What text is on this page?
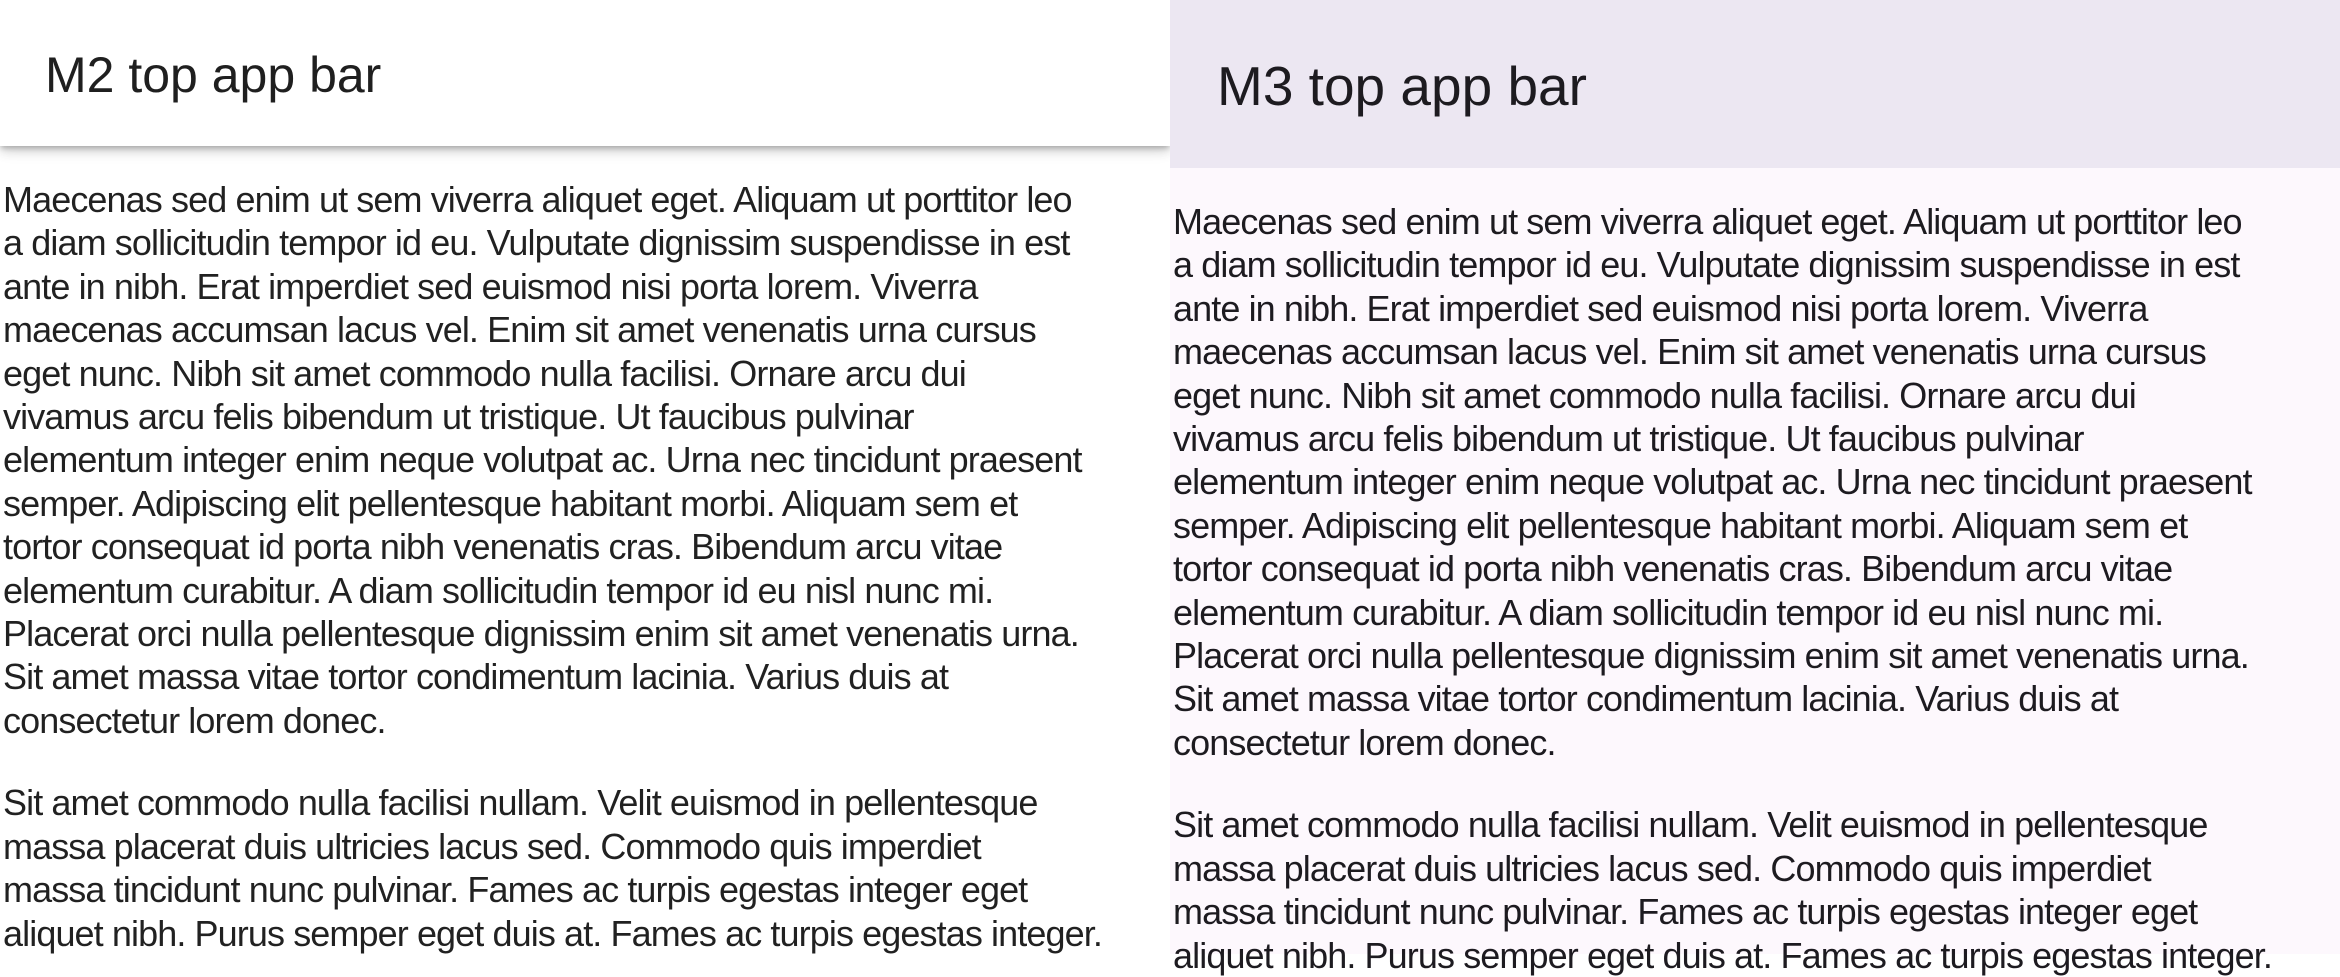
M2 top app bar

Maecenas sed enim ut sem viverra aliquet eget. Aliquam ut porttitor leo
a diam sollicitudin tempor id eu. Vulputate dignissim suspendisse in est
ante in nibh. Erat imperdiet sed euismod nisi porta lorem. Viverra
maecenas accumsan lacus vel. Enim sit amet venenatis urna cursus
eget nunc. Nibh sit amet commodo nulla facilisi. Ornare arcu dui
vivamus arcu felis bibendum ut tristique. Ut faucibus pulvinar
elementum integer enim neque volutpat ac. Urna nec tincidunt praesent
semper. Adipiscing elit pellentesque habitant morbi. Aliquam sem et
tortor consequat id porta nibh venenatis cras. Bibendum arcu vitae
elementum curabitur. A diam sollicitudin tempor id eu nisl nunc mi.
Placerat orci nulla pellentesque dignissim enim sit amet venenatis urna.
Sit amet massa vitae tortor condimentum lacinia. Varius duis at
consectetur lorem donec.

Sit amet commodo nulla facilisi nullam. Velit euismod in pellentesque
massa placerat duis ultricies lacus sed. Commodo quis imperdiet
massa tincidunt nunc pulvinar. Fames ac turpis egestas integer eget
aliquet nibh. Purus semper eget duis at. Fames ac turpis egestas integer.

M3 top app bar

Maecenas sed enim ut sem viverra aliquet eget. Aliquam ut porttitor leo
a diam sollicitudin tempor id eu. Vulputate dignissim suspendisse in est
ante in nibh. Erat imperdiet sed euismod nisi porta lorem. Viverra
maecenas accumsan lacus vel. Enim sit amet venenatis urna cursus
eget nunc. Nibh sit amet commodo nulla facilisi. Ornare arcu dui
vivamus arcu felis bibendum ut tristique. Ut faucibus pulvinar
elementum integer enim neque volutpat ac. Urna nec tincidunt praesent
semper. Adipiscing elit pellentesque habitant morbi. Aliquam sem et
tortor consequat id porta nibh venenatis cras. Bibendum arcu vitae
elementum curabitur. A diam sollicitudin tempor id eu nisl nunc mi.
Placerat orci nulla pellentesque dignissim enim sit amet venenatis urna.
Sit amet massa vitae tortor condimentum lacinia. Varius duis at
consectetur lorem donec.

Sit amet commodo nulla facilisi nullam. Velit euismod in pellentesque
massa placerat duis ultricies lacus sed. Commodo quis imperdiet
massa tincidunt nunc pulvinar. Fames ac turpis egestas integer eget
aliquet nibh. Purus semper eget duis at. Fames ac turpis egestas integer.
